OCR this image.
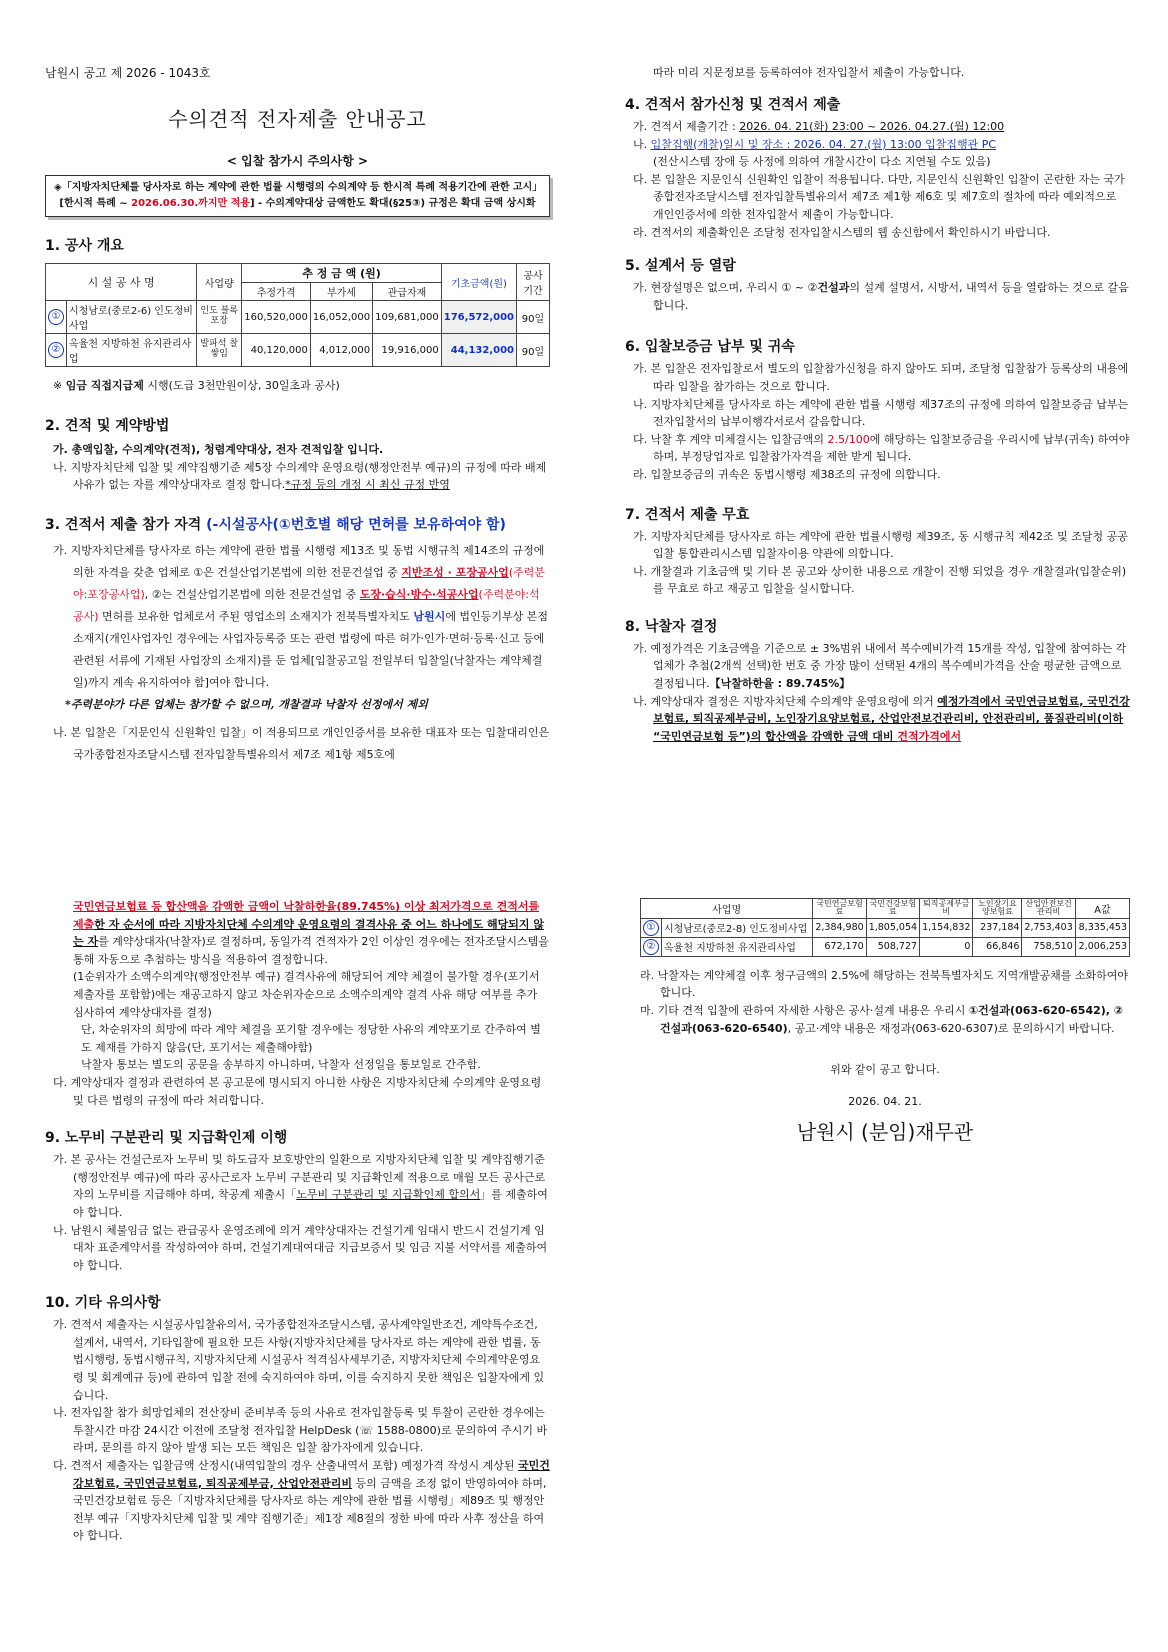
남원시 공고 제 2026 - 1043호

수의견적 전자제출 안내공고

< 입찰 참가시 주의사항 >

◈「지방자치단체를 당사자로 하는 계약에 관한 법률 시행령의 수의계약 등 한시적 특례 적용기간에 관한 고시」
[한시적 특례 ~ 2026.06.30.까지만 적용] - 수의계약대상 금액한도 확대(§25③) 규정은 확대 금액 상시화

1. 공사 개요

시 설 공 사 명		사업량	추 정 금 액 (원)			기초금액(원)	공사기간
			추정가격	부가세	관급자재		
①	시청남로(중로2-6) 인도정비사업	인도 블록포장	160,520,000	16,052,000	109,681,000	176,572,000	90일
②	옥율천 지방하천 유지관리사업	발파석 찰쌓임	40,120,000	4,012,000	19,916,000	44,132,000	90일

※ 임금 직접지급제 시행(도급 3천만원이상, 30일초과 공사)

2. 견적 및 계약방법

가. 총액입찰, 수의계약(견적), 청렴계약대상, 전자 견적입찰 입니다.

나. 지방자치단체 입찰 및 계약집행기준 제5장 수의계약 운영요령(행정안전부 예규)의 규정에 따라 배제사유가 없는 자를 계약상대자로 결정 합니다.*규정 등의 개정 시 최신 규정 반영

3. 견적서 제출 참가 자격 (-시설공사(①번호별 해당 면허를 보유하여야 함)

가. 지방자치단체를 당사자로 하는 계약에 관한 법률 시행령 제13조 및 동법 시행규칙 제14조의 규정에 의한 자격을 갖춘 업체로 ①은 건설산업기본법에 의한 전문건설업 중 지반조성 · 포장공사업(주력분야:포장공사업), ②는 건설산업기본법에 의한 전문건설업 중 도장·습식·방수·석공사업(주력분야:석공사) 면허를 보유한 업체로서 주된 영업소의 소재지가 전북특별자치도 남원시에 법인등기부상 본점소재지(개인사업자인 경우에는 사업자등록증 또는 관련 법령에 따른 허가·인가·면허·등록·신고 등에 관련된 서류에 기재된 사업장의 소재지)를 둔 업체[입찰공고일 전일부터 입찰일(낙찰자는 계약체결일)까지 계속 유지하여야 함]여야 합니다.

*주력분야가 다른 업체는 참가할 수 없으며, 개찰결과 낙찰자 선정에서 제외

나. 본 입찰은「지문인식 신원확인 입찰」이 적용되므로 개인인증서를 보유한 대표자 또는 입찰대리인은 국가종합전자조달시스템 전자입찰특별유의서 제7조 제1항 제5호에

따라 미리 지문정보를 등록하여야 전자입찰서 제출이 가능합니다.

4. 견적서 참가신청 및 견적서 제출

가. 견적서 제출기간 : 2026. 04. 21(화) 23:00 ~ 2026. 04.27.(월) 12:00

나. 입찰집행(개찰)일시 및 장소 : 2026. 04. 27.(월) 13:00 입찰집행관 PC

(전산시스템 장애 등 사정에 의하여 개찰시간이 다소 지연될 수도 있음)

다. 본 입찰은 지문인식 신원확인 입찰이 적용됩니다. 다만, 지문인식 신원확인 입찰이 곤란한 자는 국가종합전자조달시스템 전자입찰특별유의서 제7조 제1항 제6호 및 제7호의 절차에 따라 예외적으로 개인인증서에 의한 전자입찰서 제출이 가능합니다.

라. 견적서의 제출확인은 조달청 전자입찰시스템의 웹 송신함에서 확인하시기 바랍니다.

5. 설계서 등 열람

가. 현장설명은 없으며, 우리시 ① ~ ②건설과의 설계 설명서, 시방서, 내역서 등을 열람하는 것으로 갈음합니다.

6. 입찰보증금 납부 및 귀속

가. 본 입찰은 전자입찰로서 별도의 입찰참가신청을 하지 않아도 되며, 조달청 입찰참가 등록상의 내용에 따라 입찰을 참가하는 것으로 합니다.

나. 지방자치단체를 당사자로 하는 계약에 관한 법률 시행령 제37조의 규정에 의하여 입찰보증금 납부는 전자입찰서의 납부이행각서로서 갈음합니다.

다. 낙찰 후 계약 미체결시는 입찰금액의 2.5/100에 해당하는 입찰보증금을 우리시에 납부(귀속) 하여야 하며, 부정당업자로 입찰참가자격을 제한 받게 됩니다.

라. 입찰보증금의 귀속은 동법시행령 제38조의 규정에 의합니다.

7. 견적서 제출 무효

가. 지방자치단체를 당사자로 하는 계약에 관한 법률시행령 제39조, 동 시행규칙 제42조 및 조달청 공공입찰 통합관리시스템 입찰자이용 약관에 의합니다.

나. 개찰결과 기초금액 및 기타 본 공고와 상이한 내용으로 개찰이 진행 되었을 경우 개찰결과(입찰순위)를 무효로 하고 재공고 입찰을 실시합니다.

8. 낙찰자 결정

가. 예정가격은 기초금액을 기준으로 ± 3%범위 내에서 복수예비가격 15개를 작성, 입찰에 참여하는 각 업체가 추첨(2개씩 선택)한 번호 중 가장 많이 선택된 4개의 복수예비가격을 산술 평균한 금액으로 결정됩니다.【낙찰하한율 : 89.745%】

나. 계약상대자 결정은 지방자치단체 수의계약 운영요령에 의거 예정가격에서 국민연금보험료, 국민건강보험료, 퇴직공제부금비, 노인장기요양보험료, 산업안전보건관리비, 안전관리비, 품질관리비(이하 “국민연금보험 등”)의 합산액을 감액한 금액 대비 견적가격에서

국민연금보험료 등 합산액을 감액한 금액이 낙찰하한율(89.745%) 이상 최저가격으로 견적서를 제출한 자 순서에 따라 지방자치단체 수의계약 운영요령의 결격사유 중 어느 하나에도 해당되지 않는 자를 계약상대자(낙찰자)로 결정하며, 동일가격 견적자가 2인 이상인 경우에는 전자조달시스템을 통해 자동으로 추첨하는 방식을 적용하여 결정합니다.

(1순위자가 소액수의계약(행정안전부 예규) 결격사유에 해당되어 계약 체결이 불가할 경우(포기서 제출자를 포함함)에는 재공고하지 않고 차순위자순으로 소액수의계약 결격 사유 해당 여부를 추가 심사하여 계약상대자를 결정)

단, 차순위자의 희망에 따라 계약 체결을 포기할 경우에는 정당한 사유의 계약포기로 간주하여 별도 제재를 가하지 않음(단, 포기서는 제출해야함)

낙찰자 통보는 별도의 공문을 송부하지 아니하며, 낙찰자 선정일을 통보일로 간주함.

다. 계약상대자 결정과 관련하여 본 공고문에 명시되지 아니한 사항은 지방자치단체 수의계약 운영요령 및 다른 법령의 규정에 따라 처리합니다.

9. 노무비 구분관리 및 지급확인제 이행

가. 본 공사는 건설근로자 노무비 및 하도급자 보호방안의 일환으로 지방자치단체 입찰 및 계약집행기준(행정안전부 예규)에 따라 공사근로자 노무비 구분관리 및 지급확인제 적용으로 매월 모든 공사근로자의 노무비를 지급해야 하며, 착공계 제출시「노무비 구분관리 및 지급확인제 합의서」를 제출하여야 합니다.

나. 남원시 체불임금 없는 관급공사 운영조례에 의거 계약상대자는 건설기계 임대시 반드시 건설기계 임대차 표준계약서를 작성하여야 하며, 건설기계대여대금 지급보증서 및 임금 지불 서약서를 제출하여야 합니다.

10. 기타 유의사항

가. 견적서 제출자는 시설공사입찰유의서, 국가종합전자조달시스템, 공사계약일반조건, 계약특수조건, 설계서, 내역서, 기타입찰에 필요한 모든 사항(지방자치단체를 당사자로 하는 계약에 관한 법률, 동법시행령, 동법시행규칙, 지방자치단체 시설공사 적격심사세부기준, 지방자치단체 수의계약운영요령 및 회계예규 등)에 관하여 입찰 전에 숙지하여야 하며, 이를 숙지하지 못한 책임은 입찰자에게 있습니다.

나. 전자입찰 참가 희망업체의 전산장비 준비부족 등의 사유로 전자입찰등록 및 투찰이 곤란한 경우에는 투찰시간 마감 24시간 이전에 조달청 전자입찰 HelpDesk (☏ 1588-0800)로 문의하여 주시기 바라며, 문의를 하지 않아 발생 되는 모든 책임은 입찰 참가자에게 있습니다.

다. 견적서 제출자는 입찰금액 산정시(내역입찰의 경우 산출내역서 포함) 예정가격 작성시 계상된 국민건강보험료, 국민연금보험료, 퇴직공제부금, 산업안전관리비 등의 금액을 조정 없이 반영하여야 하며, 국민건강보험료 등은「지방자치단체를 당사자로 하는 계약에 관한 법률 시행령」제89조 및 행정안전부 예규「지방자치단체 입찰 및 계약 집행기준」제1장 제8절의 정한 바에 따라 사후 정산을 하여야 합니다.

사업명		국민연금보험료	국민건강보험료	퇴직공제부금비	노인장기요양보험료	산업안전보건관리비	A값
①	시청남로(중로2-8) 인도정비사업	2,384,980	1,805,054	1,154,832	237,184	2,753,403	8,335,453
②	옥율천 지방하천 유지관리사업	672,170	508,727	0	66,846	758,510	2,006,253

라. 낙찰자는 계약체결 이후 청구금액의 2.5%에 해당하는 전북특별자치도 지역개발공채를 소화하여야 합니다.

마. 기타 견적 입찰에 관하여 자세한 사항은 공사·설계 내용은 우리시 ①건설과(063-620-6542), ②건설과(063-620-6540), 공고·계약 내용은 재정과(063-620-6307)로 문의하시기 바랍니다.

위와 같이 공고 합니다.

2026. 04. 21.

남원시 (분임)재무관
